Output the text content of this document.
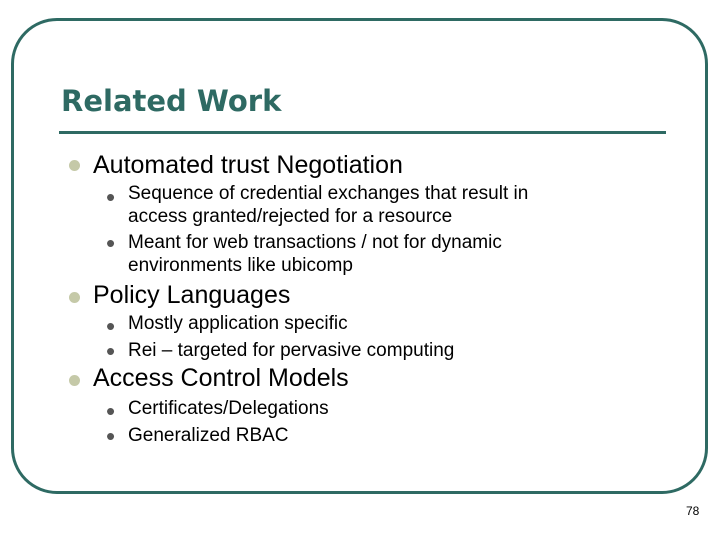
Related Work
Automated trust Negotiation
• Sequence of credential exchanges that result in
access granted/rejected for a resource
• Meant for web transactions / not for dynamic
environments like ubicomp
Policy Languages
• Mostly application specific
• Rei – targeted for pervasive computing
Access Control Models
• Certificates/Delegations
• Generalized RBAC
78
